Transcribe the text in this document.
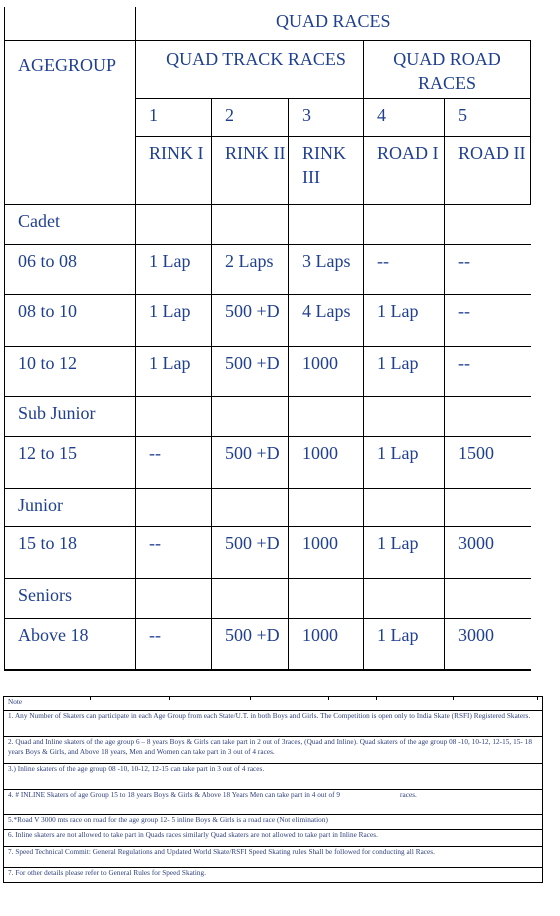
	QUAD RACES				
AGEGROUP	QUAD TRACK RACES			QUAD ROAD RACES	
	1	2	3	4	5
	RINK I	RINK II	RINK III	ROAD I	ROAD II
Cadet					
06 to 08	1 Lap	2 Laps	3 Laps	--	--
08 to 10	1 Lap	500 +D	4 Laps	1 Lap	--
10 to 12	1 Lap	500 +D	1000	1 Lap	--
Sub Junior					
12 to 15	--	500 +D	1000	1 Lap	1500
Junior					
15 to 18	--	500 +D	1000	1 Lap	3000
Seniors					
Above 18	--	500 +D	1000	1 Lap	3000
Note
1. Any Number of Skaters can participate in each Age Group from each State/U.T. in both Boys and Girls. The Competition is open only to India Skate (RSFI) Registered Skaters.
2. Quad and Inline skaters of the age group 6 – 8 years Boys & Girls can take part in 2 out of 3races, (Quad and Inline). Quad skaters of the age group 08 -10, 10-12, 12-15, 15- 18 years Boys & Girls, and Above 18 years, Men and Women can take part in 3 out of 4 races.
3.) Inline skaters of the age group 08 -10, 10-12, 12-15 can take part in 3 out of 4 races.
4. # INLINE Skaters of age Group 15 to 18 years Boys & Girls & Above 18 Years Men can take part in 4 out of 9	races.
5.*Road V 3000 mts race on road for the age group 12- 5 inline Boys & Girls is a road race (Not elimination)
6. Inline skaters are not allowed to take part in Quads races similarly Quad skaters are not allowed to take part in Inline Races.
7. Speed Technical Commit: General Regulations and Updated World Skate/RSFI Speed Skating rules Shall be followed for conducting all Races.
7. For other details please refer to General Rules for Speed Skating.
